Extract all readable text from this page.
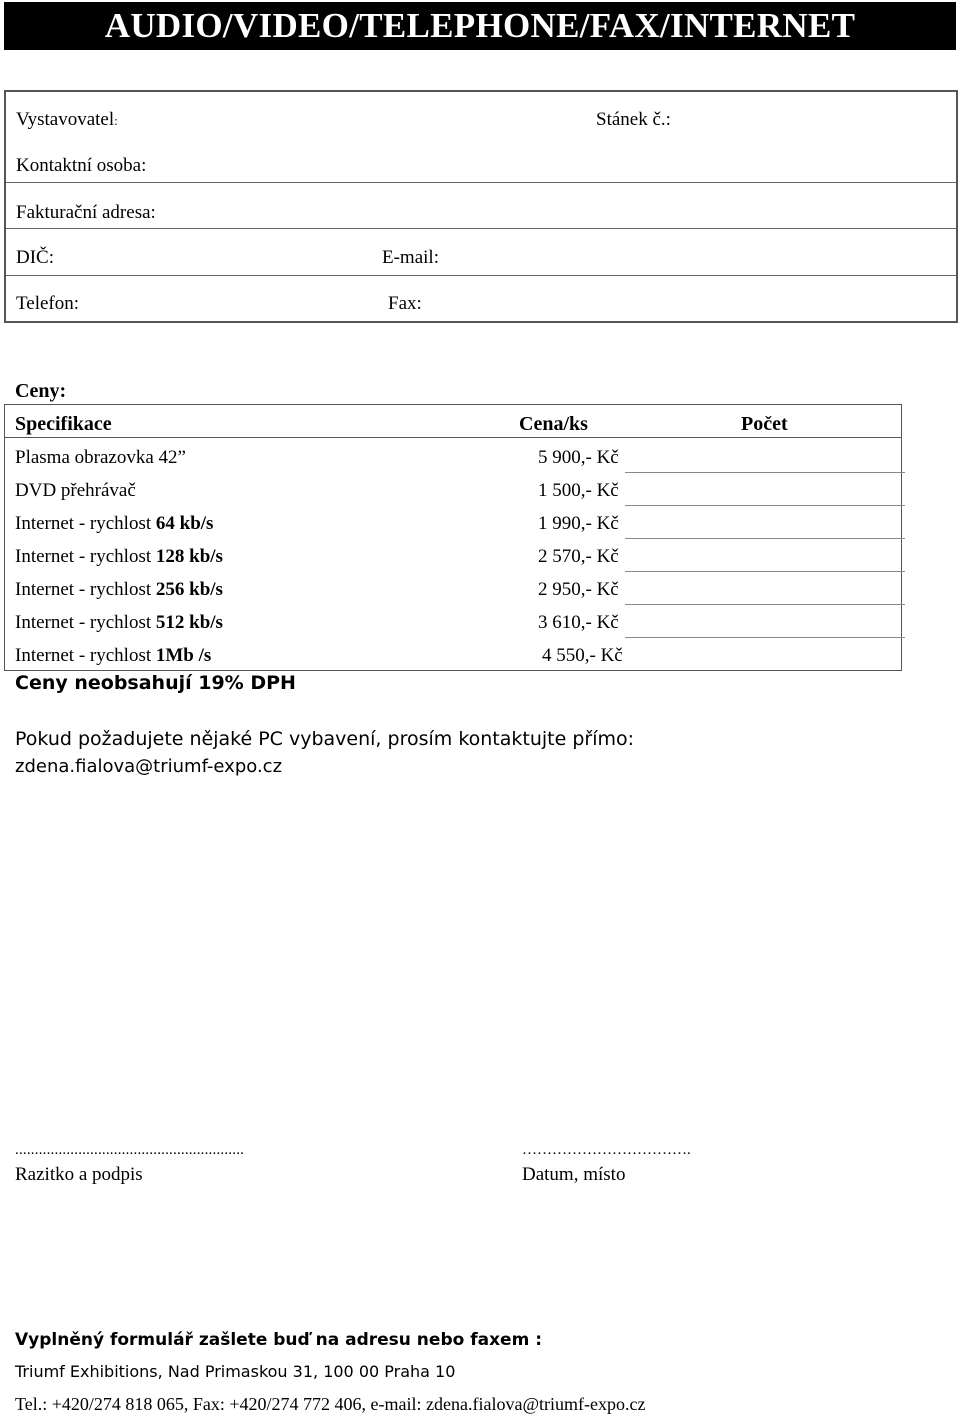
AUDIO/VIDEO/TELEPHONE/FAX/INTERNET
Vystavovatel:	Stánek č.:
Kontaktní osoba:
Fakturační adresa:
DIČ:	E-mail:
Telefon:	Fax:
Ceny:
Specifikace	Cena/ks	Počet
Plasma obrazovka 42”	5 900,- Kč
DVD přehrávač	1 500,- Kč
Internet - rychlost 64 kb/s	1 990,- Kč
Internet - rychlost 128 kb/s	2 570,- Kč
Internet - rychlost 256 kb/s	2 950,- Kč
Internet - rychlost 512 kb/s	3 610,- Kč
Internet - rychlost 1Mb /s	4 550,- Kč
Ceny neobsahují 19% DPH
Pokud požadujete nějaké PC vybavení, prosím kontaktujte přímo:
zdena.fialova@triumf-expo.cz
..........................................................
Razitko a podpis
…………………………….
Datum, místo
Vyplněný formulář zašlete buď na adresu nebo faxem :
Triumf Exhibitions, Nad Primaskou 31, 100 00 Praha 10
Tel.: +420/274 818 065, Fax: +420/274 772 406, e-mail: zdena.fialova@triumf-expo.cz
